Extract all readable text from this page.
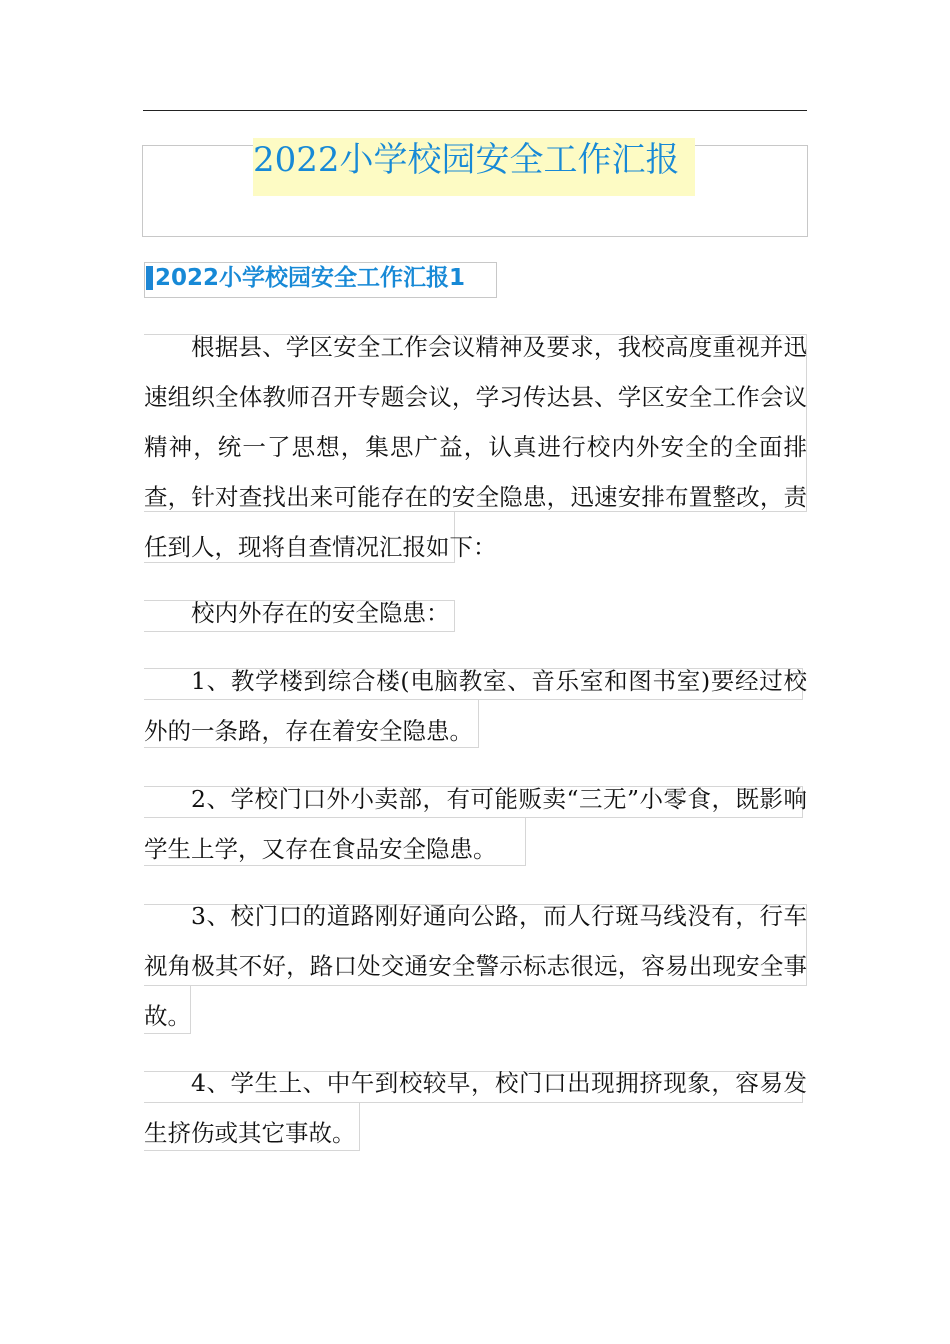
2022小学校园安全工作汇报
2022小学校园安全工作汇报1

根据县、学区安全工作会议精神及要求，我校高度重视并迅速组织全体教师召开专题会议，学习传达县、学区安全工作会议精神，统一了思想，集思广益，认真进行校内外安全的全面排查，针对查找出来可能存在的安全隐患，迅速安排布置整改，责任到人，现将自查情况汇报如下：

校内外存在的安全隐患：

1、教学楼到综合楼(电脑教室、音乐室和图书室)要经过校外的一条路，存在着安全隐患。

2、学校门口外小卖部，有可能贩卖“三无”小零食，既影响学生上学，又存在食品安全隐患。

3、校门口的道路刚好通向公路，而人行斑马线没有，行车视角极其不好，路口处交通安全警示标志很远，容易出现安全事故。

4、学生上、中午到校较早，校门口出现拥挤现象，容易发生挤伤或其它事故。
